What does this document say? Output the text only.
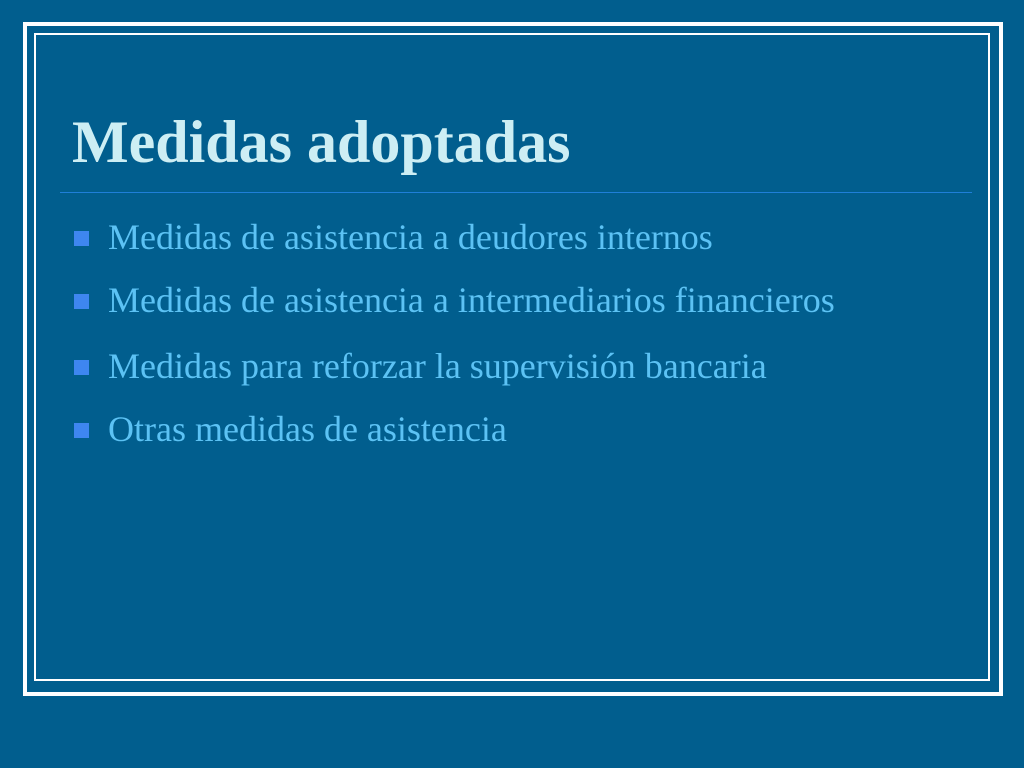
Medidas adoptadas
Medidas de asistencia a deudores internos
Medidas de asistencia a intermediarios financieros
Medidas para reforzar la supervisión bancaria
Otras medidas de asistencia
